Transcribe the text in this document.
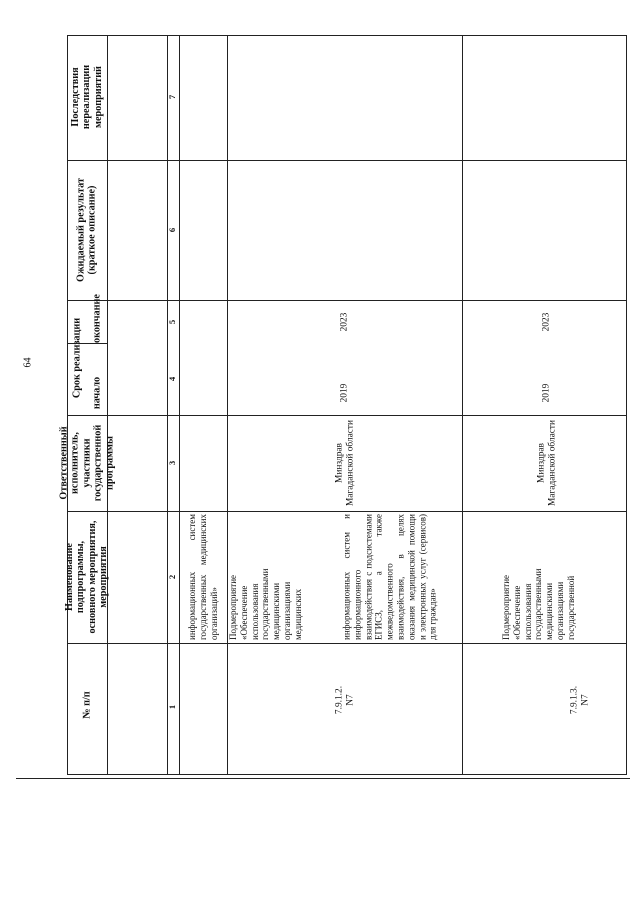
64
№ п/п
Наименование
подпрограммы,
основного мероприятия,
мероприятия
Ответственный
исполнитель,
участники
государственной
программы
Срок реализации начало
окончание
Ожидаемый результат
(краткое описание)
Последствия
нереализации
мероприятий
1
2
3
4
5
6
7
информационных систем государственных медицинских организаций»
7.9.1.2.
N7
Подмероприятие
«Обеспечение
использования
государственными
медицинскими
организациями
медицинских	информационных систем и информационного взаимодействия с подсистемами ЕГИСЗ, а также межведомственного взаимодействия, в целях оказания медицинской помощи и электронных услуг (сервисов) для граждан»
Минздрав
Магаданской области
2019
2023
7.9.1.3.
N7
Подмероприятие
«Обеспечение
использования
государственными
медицинскими
организациями
государственной
Минздрав
Магаданской области
2019
2023
